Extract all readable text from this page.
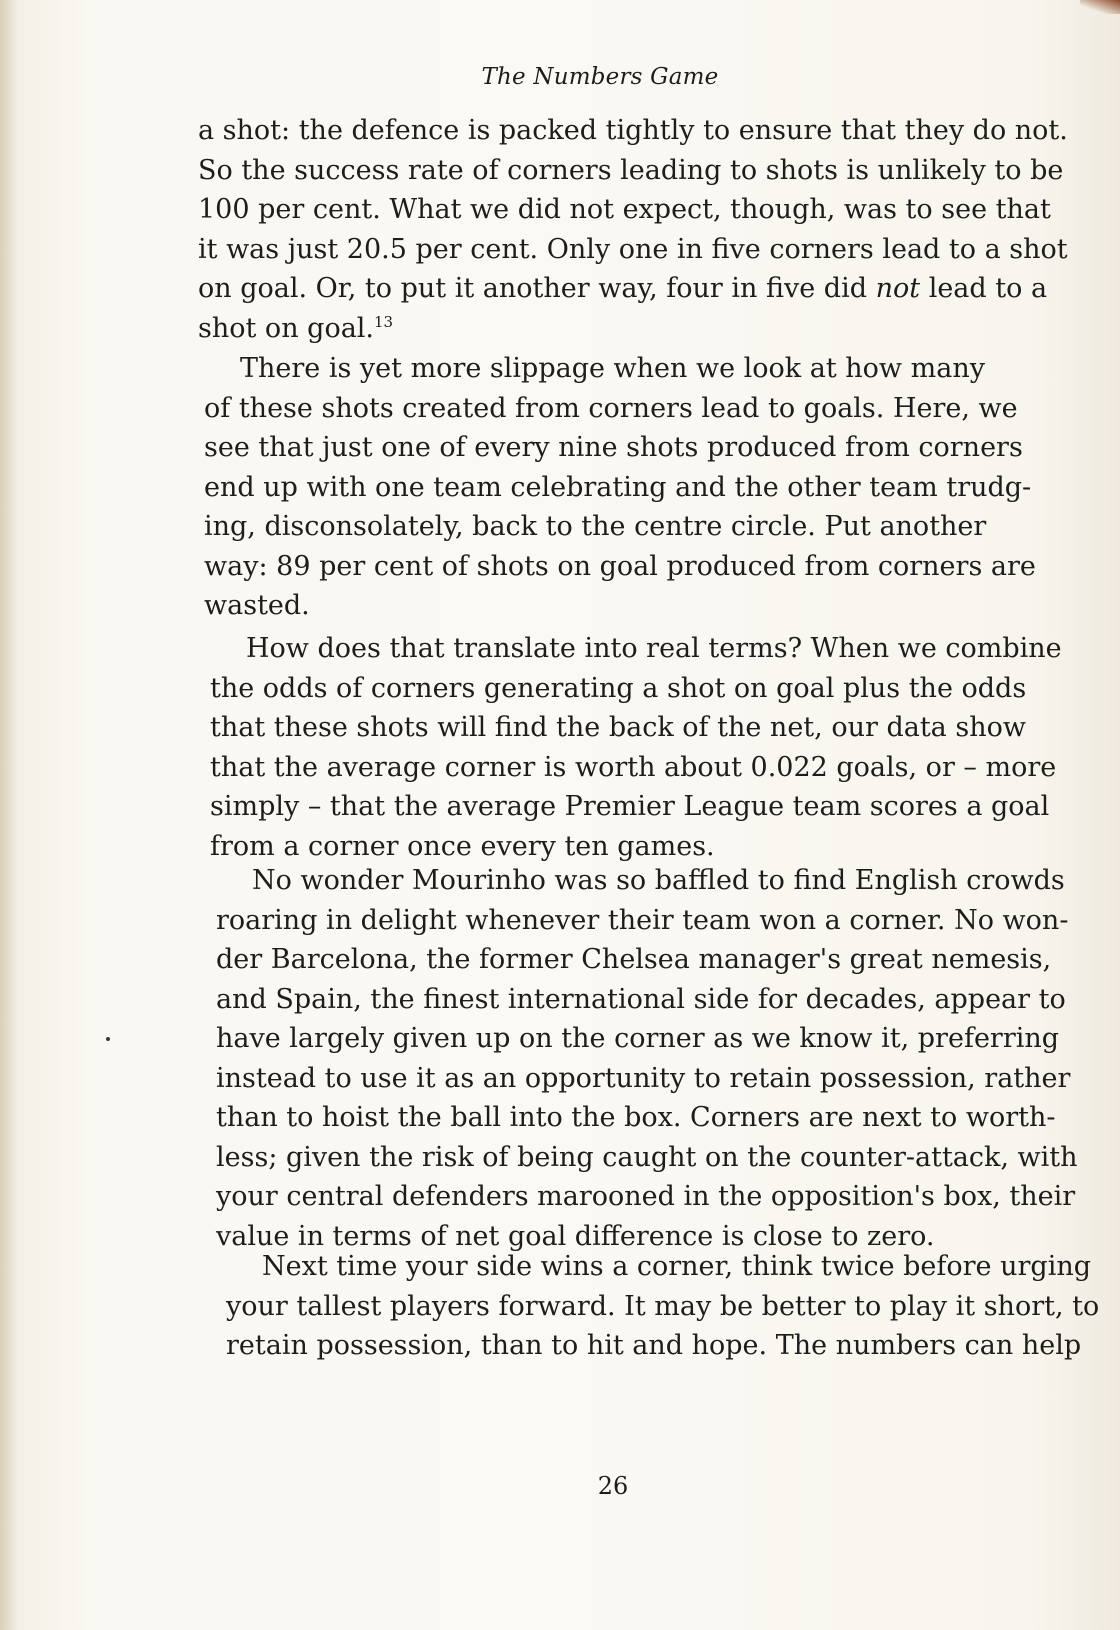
The Numbers Game
a shot: the defence is packed tightly to ensure that they do not.
So the success rate of corners leading to shots is unlikely to be
100 per cent. What we did not expect, though, was to see that
it was just 20.5 per cent. Only one in five corners lead to a shot
on goal. Or, to put it another way, four in five did not lead to a
shot on goal.$^{13}$
There is yet more slippage when we look at how many
of these shots created from corners lead to goals. Here, we
see that just one of every nine shots produced from corners
end up with one team celebrating and the other team trudg-
ing, disconsolately, back to the centre circle. Put another
way: 89 per cent of shots on goal produced from corners are
wasted.
How does that translate into real terms? When we combine
the odds of corners generating a shot on goal plus the odds
that these shots will find the back of the net, our data show
that the average corner is worth about 0.022 goals, or – more
simply – that the average Premier League team scores a goal
from a corner once every ten games.
No wonder Mourinho was so baffled to find English crowds
roaring in delight whenever their team won a corner. No won-
der Barcelona, the former Chelsea manager's great nemesis,
and Spain, the finest international side for decades, appear to
have largely given up on the corner as we know it, preferring
instead to use it as an opportunity to retain possession, rather
than to hoist the ball into the box. Corners are next to worth-
less; given the risk of being caught on the counter-attack, with
your central defenders marooned in the opposition's box, their
value in terms of net goal difference is close to zero.
Next time your side wins a corner, think twice before urging
your tallest players forward. It may be better to play it short, to
retain possession, than to hit and hope. The numbers can help
26
